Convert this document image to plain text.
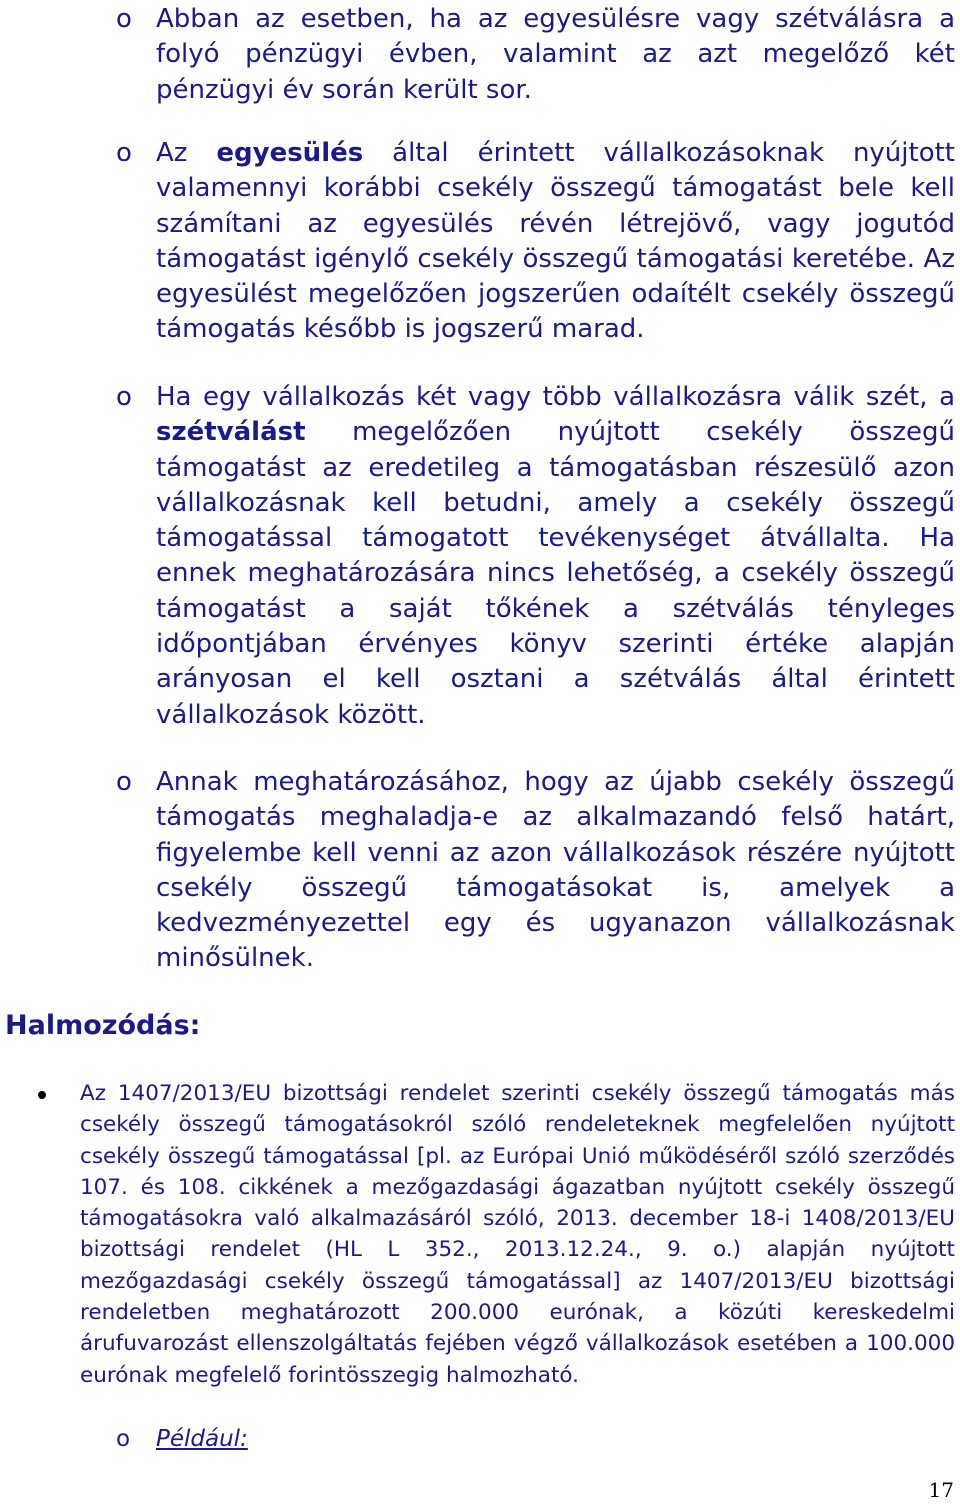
o Abban az esetben, ha az egyesülésre vagy szétválásra a folyó pénzügyi évben, valamint az azt megelőző két pénzügyi év során került sor.
o Az egyesülés által érintett vállalkozásoknak nyújtott valamennyi korábbi csekély összegű támogatást bele kell számítani az egyesülés révén létrejövő, vagy jogutód támogatást igénylő csekély összegű támogatási keretébe. Az egyesülést megelőzően jogszerűen odaítélt csekély összegű támogatás később is jogszerű marad.
o Ha egy vállalkozás két vagy több vállalkozásra válik szét, a szétválást megelőzően nyújtott csekély összegű támogatást az eredetileg a támogatásban részesülő azon vállalkozásnak kell betudni, amely a csekély összegű támogatással támogatott tevékenységet átvállalta. Ha ennek meghatározására nincs lehetőség, a csekély összegű támogatást a saját tőkének a szétválás tényleges időpontjában érvényes könyv szerinti értéke alapján arányosan el kell osztani a szétválás által érintett vállalkozások között.
o Annak meghatározásához, hogy az újabb csekély összegű támogatás meghaladja-e az alkalmazandó felső határt, figyelembe kell venni az azon vállalkozások részére nyújtott csekély összegű támogatásokat is, amelyek a kedvezményezettel egy és ugyanazon vállalkozásnak minősülnek.
Halmozódás:
Az 1407/2013/EU bizottsági rendelet szerinti csekély összegű támogatás más csekély összegű támogatásokról szóló rendeleteknek megfelelően nyújtott csekély összegű támogatással [pl. az Európai Unió működéséről szóló szerződés 107. és 108. cikkének a mezőgazdasági ágazatban nyújtott csekély összegű támogatásokra való alkalmazásáról szóló, 2013. december 18-i 1408/2013/EU bizottsági rendelet (HL L 352., 2013.12.24., 9. o.) alapján nyújtott mezőgazdasági csekély összegű támogatással] az 1407/2013/EU bizottsági rendeletben meghatározott 200.000 eurónak, a közúti kereskedelmi árufuvarozást ellenszolgáltatás fejében végző vállalkozások esetében a 100.000 eurónak megfelelő forintösszegig halmozható.
o Például:
17
